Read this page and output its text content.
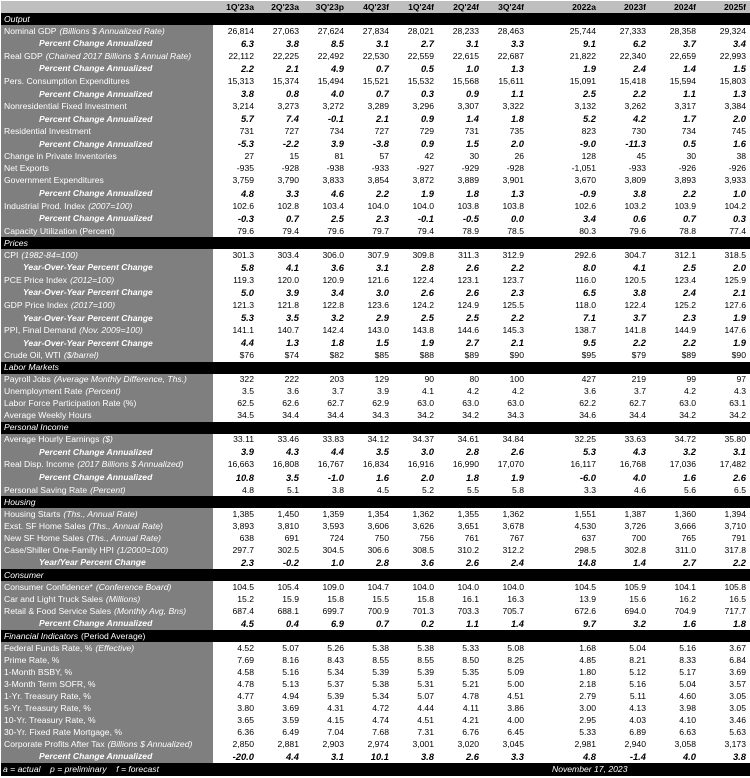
	1Q'23a	2Q'23a	3Q'23p	4Q'23f	1Q'24f	2Q'24f	3Q'24f		2022a	2023f	2024f	2025f
Output												
Nominal GDP (Billions $ Annualized Rate)	26,814	27,063	27,624	27,834	28,021	28,233	28,463		25,744	27,333	28,358	29,324
Percent Change Annualized	6.3	3.8	8.5	3.1	2.7	3.1	3.3		9.1	6.2	3.7	3.4
Real GDP (Chained 2017 Billions $ Annual Rate)	22,112	22,225	22,492	22,530	22,559	22,615	22,687		21,822	22,340	22,659	22,993
Percent Change Annualized	2.2	2.1	4.9	0.7	0.5	1.0	1.3		1.9	2.4	1.4	1.5
Pers. Consumption Expenditures	15,313	15,374	15,494	15,521	15,532	15,568	15,611		15,091	15,418	15,594	15,803
Percent Change Annualized	3.8	0.8	4.0	0.7	0.3	0.9	1.1		2.5	2.2	1.1	1.3
Nonresidential Fixed Investment	3,214	3,273	3,272	3,289	3,296	3,307	3,322		3,132	3,262	3,317	3,384
Percent Change Annualized	5.7	7.4	-0.1	2.1	0.9	1.4	1.8		5.2	4.2	1.7	2.0
Residential Investment	731	727	734	727	729	731	735		823	730	734	745
Percent Change Annualized	-5.3	-2.2	3.9	-3.8	0.9	1.5	2.0		-9.0	-11.3	0.5	1.6
Change in Private Inventories	27	15	81	57	42	30	26		128	45	30	38
Net Exports	-935	-928	-938	-933	-927	-929	-928		-1,051	-933	-926	-926
Government Expenditures	3,759	3,790	3,833	3,854	3,872	3,889	3,901		3,670	3,809	3,893	3,933
Percent Change Annualized	4.8	3.3	4.6	2.2	1.9	1.8	1.3		-0.9	3.8	2.2	1.0
Industrial Prod. Index (2007=100)	102.6	102.8	103.4	104.0	104.0	103.8	103.8		102.6	103.2	103.9	104.2
Percent Change Annualized	-0.3	0.7	2.5	2.3	-0.1	-0.5	0.0		3.4	0.6	0.7	0.3
Capacity Utilization (Percent)	79.6	79.4	79.6	79.7	79.4	78.9	78.5		80.3	79.6	78.8	77.4
Prices												
CPI (1982-84=100)	301.3	303.4	306.0	307.9	309.8	311.3	312.9		292.6	304.7	312.1	318.5
Year-Over-Year Percent Change	5.8	4.1	3.6	3.1	2.8	2.6	2.2		8.0	4.1	2.5	2.0
PCE Price Index (2012=100)	119.3	120.0	120.9	121.6	122.4	123.1	123.7		116.0	120.5	123.4	125.9
Year-Over-Year Percent Change	5.0	3.9	3.4	3.0	2.6	2.6	2.3		6.5	3.8	2.4	2.1
GDP Price Index (2017=100)	121.3	121.8	122.8	123.6	124.2	124.9	125.5		118.0	122.4	125.2	127.6
Year-Over-Year Percent Change	5.3	3.5	3.2	2.9	2.5	2.5	2.2		7.1	3.7	2.3	1.9
PPI, Final Demand (Nov. 2009=100)	141.1	140.7	142.4	143.0	143.8	144.6	145.3		138.7	141.8	144.9	147.6
Year-Over-Year Percent Change	4.4	1.3	1.8	1.5	1.9	2.7	2.1		9.5	2.2	2.2	1.9
Crude Oil, WTI ($/barrel)	$76	$74	$82	$85	$88	$89	$90		$95	$79	$89	$90
Labor Markets												
Payroll Jobs (Average Monthly Difference, Ths.)	322	222	203	129	90	80	100		427	219	99	97
Unemployment Rate (Percent)	3.5	3.6	3.7	3.9	4.1	4.2	4.2		3.6	3.7	4.2	4.3
Labor Force Participation Rate (%)	62.5	62.6	62.7	62.9	63.0	63.0	63.0		62.2	62.7	63.0	63.1
Average Weekly Hours	34.5	34.4	34.4	34.3	34.2	34.2	34.3		34.6	34.4	34.2	34.2
Personal Income												
Average Hourly Earnings ($)	33.11	33.46	33.83	34.12	34.37	34.61	34.84		32.25	33.63	34.72	35.80
Percent Change Annualized	3.9	4.3	4.4	3.5	3.0	2.8	2.6		5.3	4.3	3.2	3.1
Real Disp. Income (2017 Billions $ Annualized)	16,663	16,808	16,767	16,834	16,916	16,990	17,070		16,117	16,768	17,036	17,482
Percent Change Annualized	10.8	3.5	-1.0	1.6	2.0	1.8	1.9		-6.0	4.0	1.6	2.6
Personal Saving Rate (Percent)	4.8	5.1	3.8	4.5	5.2	5.5	5.8		3.3	4.6	5.6	6.5
Housing												
Housing Starts (Ths., Annual Rate)	1,385	1,450	1,359	1,354	1,362	1,355	1,362		1,551	1,387	1,360	1,394
Exst. SF Home Sales (Ths., Annual Rate)	3,893	3,810	3,593	3,606	3,626	3,651	3,678		4,530	3,726	3,666	3,710
New SF Home Sales (Ths., Annual Rate)	638	691	724	750	756	761	767		637	700	765	791
Case/Shiller One-Family HPI (1/2000=100)	297.7	302.5	304.5	306.6	308.5	310.2	312.2		298.5	302.8	311.0	317.8
Year/Year Percent Change	2.3	-0.2	1.0	2.8	3.6	2.6	2.4		14.8	1.4	2.7	2.2
Consumer												
Consumer Confidence* (Conference Board)	104.5	105.4	109.0	104.7	104.0	104.0	104.0		104.5	105.9	104.1	105.8
Car and Light Truck Sales (Millions)	15.2	15.9	15.8	15.5	15.8	16.1	16.3		13.9	15.6	16.2	16.5
Retail & Food Service Sales (Monthly Avg, Bns)	687.4	688.1	699.7	700.9	701.3	703.3	705.7		672.6	694.0	704.9	717.7
Percent Change Annualized	4.5	0.4	6.9	0.7	0.2	1.1	1.4		9.7	3.2	1.6	1.8
Financial Indicators (Period Average)												
Federal Funds Rate, % (Effective)	4.52	5.07	5.26	5.38	5.38	5.33	5.08		1.68	5.04	5.16	3.67
Prime Rate, %	7.69	8.16	8.43	8.55	8.55	8.50	8.25		4.85	8.21	8.33	6.84
1-Month BSBY, %	4.58	5.16	5.34	5.39	5.39	5.35	5.09		1.80	5.12	5.17	3.69
3-Month Term SOFR, %	4.78	5.13	5.37	5.38	5.31	5.21	5.00		2.18	5.16	5.04	3.57
1-Yr. Treasury Rate, %	4.77	4.94	5.39	5.34	5.07	4.78	4.51		2.79	5.11	4.60	3.05
5-Yr. Treasury Rate, %	3.80	3.69	4.31	4.72	4.44	4.11	3.86		3.00	4.13	3.98	3.05
10-Yr. Treasury Rate, %	3.65	3.59	4.15	4.74	4.51	4.21	4.00		2.95	4.03	4.10	3.46
30-Yr. Fixed Rate Mortgage, %	6.36	6.49	7.04	7.68	7.31	6.76	6.45		5.33	6.89	6.63	5.63
Corporate Profits After Tax (Billions $ Annualized)	2,850	2,881	2,903	2,974	3,001	3,020	3,045		2,981	2,940	3,058	3,173
Percent Change Annualized	-20.0	4.4	3.1	10.1	3.8	2.6	3.3		4.8	-1.4	4.0	3.8
a = actual    p = preliminary    f = forecast									November 17, 2023			
